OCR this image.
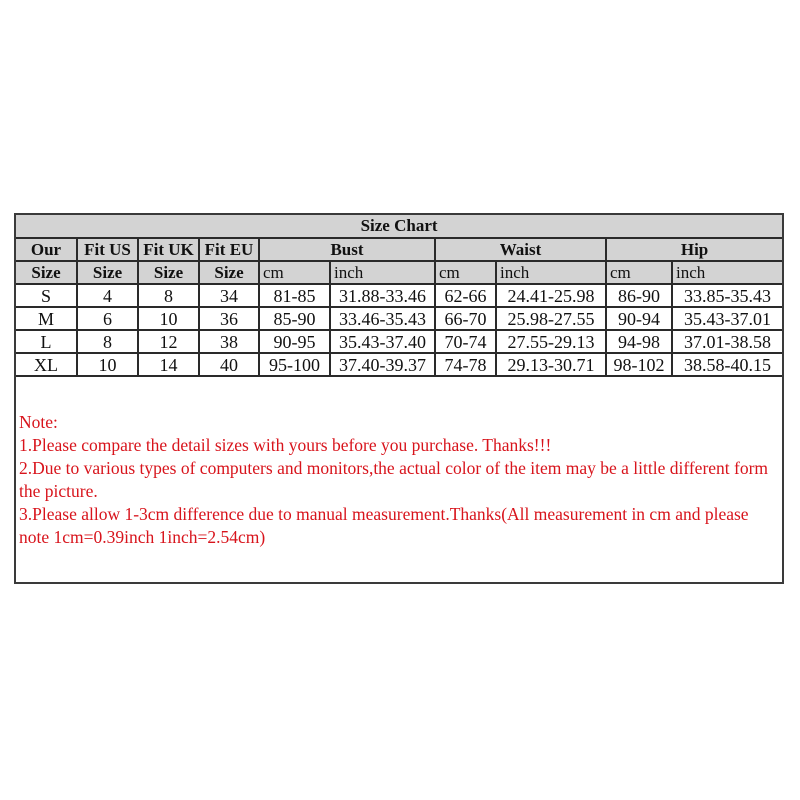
Size Chart									
Our	Fit US	Fit UK	Fit EU	Bust		Waist		Hip	
Size	Size	Size	Size	cm	inch	cm	inch	cm	inch
S	4	8	34	81-85	31.88-33.46	62-66	24.41-25.98	86-90	33.85-35.43
M	6	10	36	85-90	33.46-35.43	66-70	25.98-27.55	90-94	35.43-37.01
L	8	12	38	90-95	35.43-37.40	70-74	27.55-29.13	94-98	37.01-38.58
XL	10	14	40	95-100	37.40-39.37	74-78	29.13-30.71	98-102	38.58-40.15
Note:
1.Please compare the detail sizes with yours before you purchase. Thanks!!!
2.Due to various types of computers and monitors,the actual color of the item may be a little different form the picture.
3.Please allow 1-3cm difference due to manual measurement.Thanks(All measurement in cm and please note 1cm=0.39inch 1inch=2.54cm)
